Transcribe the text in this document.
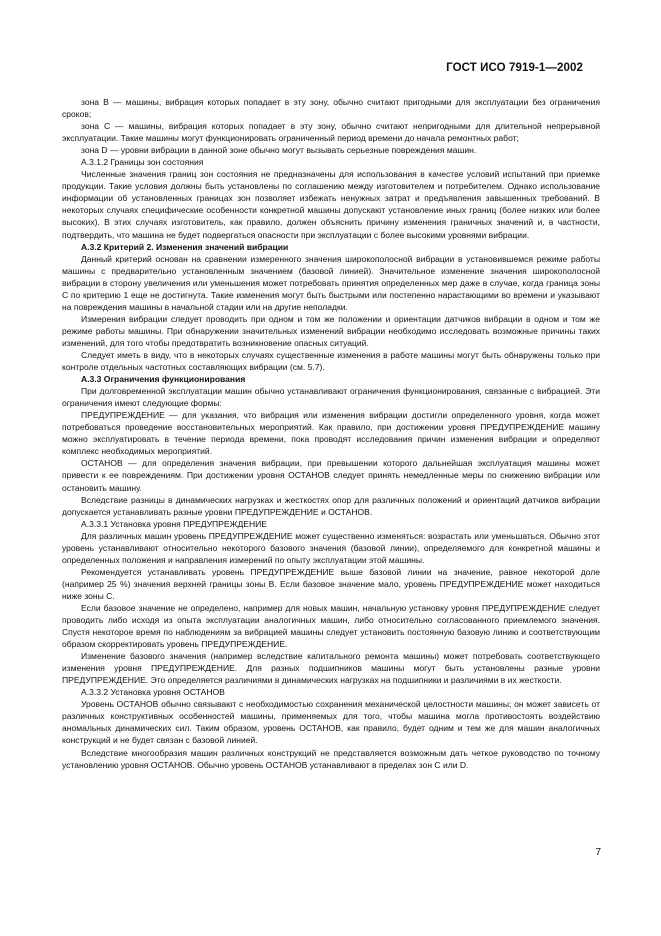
ГОСТ ИСО 7919-1—2002

зона В — машины, вибрация которых попадает в эту зону, обычно считают пригодными для эксплуатации без ограничения сроков;

зона С — машины, вибрация которых попадает в эту зону, обычно считают непригодными для длительной непрерывной эксплуатации. Такие машины могут функционировать ограниченный период времени до начала ремонтных работ;

зона D — уровни вибрации в данной зоне обычно могут вызывать серьезные повреждения машин.

А.3.1.2 Границы зон состояния

Численные значения границ зон состояния не предназначены для использования в качестве условий испытаний при приемке продукции. Такие условия должны быть установлены по соглашению между изготовителем и потребителем. Однако использование информации об установленных границах зон позволяет избежать ненужных затрат и предъявления завышенных требований. В некоторых случаях специфические особенности конкретной машины допускают установление иных границ (более низких или более высоких). В этих случаях изготовитель, как правило, должен объяснить причину изменения граничных значений и, в частности, подтвердить, что машина не будет подвергаться опасности при эксплуатации с более высокими уровнями вибрации.

А.3.2 Критерий 2. Изменения значений вибрации

Данный критерий основан на сравнении измеренного значения широкополосной вибрации в установившемся режиме работы машины с предварительно установленным значением (базовой линией). Значительное изменение значения широкополосной вибрации в сторону увеличения или уменьшения может потребовать принятия определенных мер даже в случае, когда граница зоны С по критерию 1 еще не достигнута. Такие изменения могут быть быстрыми или постепенно нарастающими во времени и указывают на повреждения машины в начальной стадии или на другие неполадки.

Измерения вибрации следует проводить при одном и том же положении и ориентации датчиков вибрации в одном и том же режиме работы машины. При обнаружении значительных изменений вибрации необходимо исследовать возможные причины таких изменений, для того чтобы предотвратить возникновение опасных ситуаций.

Следует иметь в виду, что в некоторых случаях существенные изменения в работе машины могут быть обнаружены только при контроле отдельных частотных составляющих вибрации (см. 5.7).

А.3.3 Ограничения функционирования

При долговременной эксплуатации машин обычно устанавливают ограничения функционирования, связанные с вибрацией. Эти ограничения имеют следующие формы:

ПРЕДУПРЕЖДЕНИЕ — для указания, что вибрация или изменения вибрации достигли определенного уровня, когда может потребоваться проведение восстановительных мероприятий. Как правило, при достижении уровня ПРЕДУПРЕЖДЕНИЕ машину можно эксплуатировать в течение периода времени, пока проводят исследования причин изменения вибрации и определяют комплекс необходимых мероприятий.

ОСТАНОВ — для определения значения вибрации, при превышении которого дальнейшая эксплуатация машины может привести к ее повреждениям. При достижении уровня ОСТАНОВ следует принять немедленные меры по снижению вибрации или остановить машину.

Вследствие разницы в динамических нагрузках и жесткостях опор для различных положений и ориентаций датчиков вибрации допускается устанавливать разные уровни ПРЕДУПРЕЖДЕНИЕ и ОСТАНОВ.

А.3.3.1 Установка уровня ПРЕДУПРЕЖДЕНИЕ

Для различных машин уровень ПРЕДУПРЕЖДЕНИЕ может существенно изменяться: возрастать или уменьшаться. Обычно этот уровень устанавливают относительно некоторого базового значения (базовой линии), определяемого для конкретной машины и определенных положения и направления измерений по опыту эксплуатации этой машины.

Рекомендуется устанавливать уровень ПРЕДУПРЕЖДЕНИЕ выше базовой линии на значение, равное некоторой доле (например 25 %) значения верхней границы зоны В. Если базовое значение мало, уровень ПРЕДУПРЕЖДЕНИЕ может находиться ниже зоны С.

Если базовое значение не определено, например для новых машин, начальную установку уровня ПРЕДУПРЕЖДЕНИЕ следует проводить либо исходя из опыта эксплуатации аналогичных машин, либо относительно согласованного приемлемого значения. Спустя некоторое время по наблюдениям за вибрацией машины следует установить постоянную базовую линию и соответствующим образом скорректировать уровень ПРЕДУПРЕЖДЕНИЕ.

Изменение базового значения (например вследствие капитального ремонта машины) может потребовать соответствующего изменения уровня ПРЕДУПРЕЖДЕНИЕ. Для разных подшипников машины могут быть установлены разные уровни ПРЕДУПРЕЖДЕНИЕ. Это определяется различиями в динамических нагрузках на подшипники и различиями в их жесткости.

А.3.3.2 Установка уровня ОСТАНОВ

Уровень ОСТАНОВ обычно связывают с необходимостью сохранения механической целостности машины; он может зависеть от различных конструктивных особенностей машины, применяемых для того, чтобы машина могла противостоять воздействию аномальных динамических сил. Таким образом, уровень ОСТАНОВ, как правило, будет одним и тем же для машин аналогичных конструкций и не будет связан с базовой линией.

Вследствие многообразия машин различных конструкций не представляется возможным дать четкое руководство по точному установлению уровня ОСТАНОВ. Обычно уровень ОСТАНОВ устанавливают в пределах зон С или D.

7
